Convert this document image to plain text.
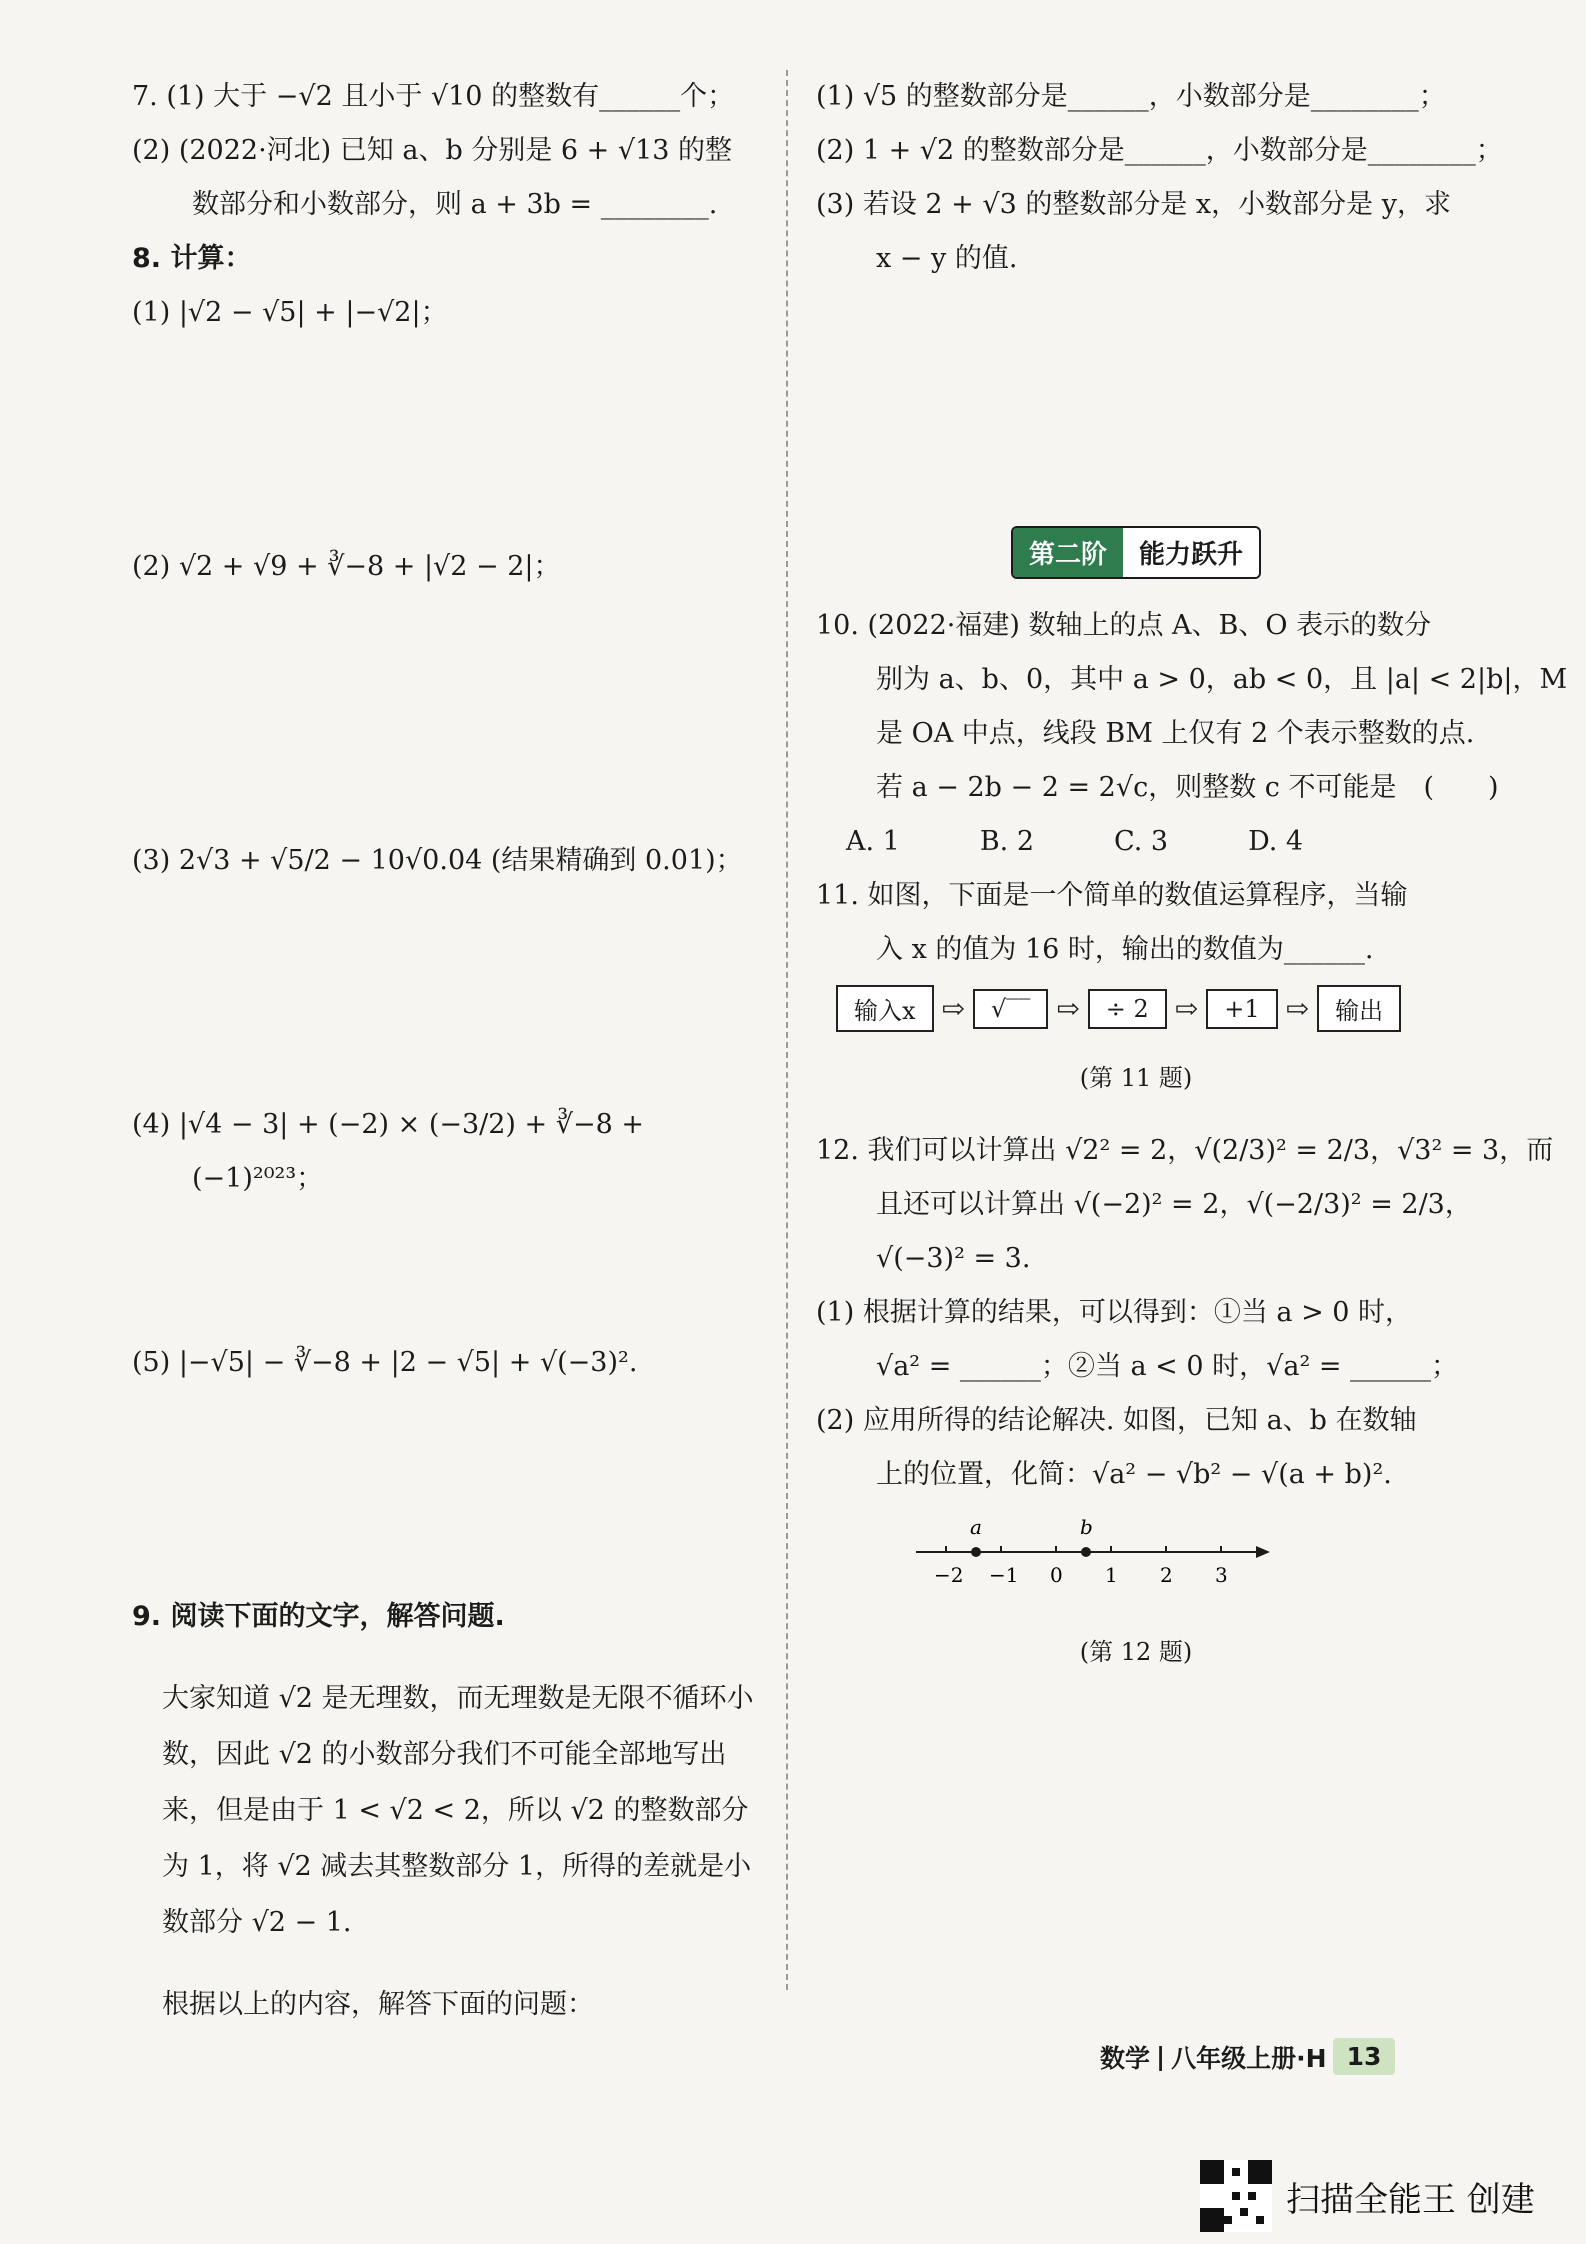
7. (1) 大于 −√2 且小于 √10 的整数有______个；

(2) (2022·河北) 已知 a、b 分别是 6 + √13 的整

数部分和小数部分，则 a + 3b = ________.

8. 计算：

(1) |√2 − √5| + |−√2|；

(2) √2 + √9 + ∛−8 + |√2 − 2|；

(3) 2√3 + √5/2 − 10√0.04 (结果精确到 0.01)；

(4) |√4 − 3| + (−2) × (−3/2) + ∛−8 +

(−1)²⁰²³；

(5) |−√5| − ∛−8 + |2 − √5| + √(−3)².

9. 阅读下面的文字，解答问题.

大家知道 √2 是无理数，而无理数是无限不循环小数，因此 √2 的小数部分我们不可能全部地写出来，但是由于 1 < √2 < 2，所以 √2 的整数部分为 1，将 √2 减去其整数部分 1，所得的差就是小数部分 √2 − 1.

根据以上的内容，解答下面的问题：

(1) √5 的整数部分是______，小数部分是________；

(2) 1 + √2 的整数部分是______，小数部分是________；

(3) 若设 2 + √3 的整数部分是 x，小数部分是 y，求

x − y 的值.

第二阶	能力跃升

10. (2022·福建) 数轴上的点 A、B、O 表示的数分

别为 a、b、0，其中 a > 0，ab < 0，且 |a| < 2|b|，M

是 OA 中点，线段 BM 上仅有 2 个表示整数的点.

若 a − 2b − 2 = 2√c，则整数 c 不可能是　(　　)

A. 1	B. 2	C. 3	D. 4

11. 如图，下面是一个简单的数值运算程序，当输

入 x 的值为 16 时，输出的数值为______.

输入x ⇨	√‾‾ ⇨	÷ 2 ⇨	+1 ⇨	输出

(第 11 题)

12. 我们可以计算出 √2² = 2，√(2/3)² = 2/3，√3² = 3，而

且还可以计算出 √(−2)² = 2，√(−2/3)² = 2/3，

√(−3)² = 3.

(1) 根据计算的结果，可以得到：①当 a > 0 时，

√a² = ______；②当 a < 0 时，√a² = ______；

(2) 应用所得的结论解决. 如图，已知 a、b 在数轴

上的位置，化简：√a² − √b² − √(a + b)².

a	b
−2 −1 0 1 2 3

(第 12 题)

数学 | 八年级上册·H 13
扫描全能王 创建
